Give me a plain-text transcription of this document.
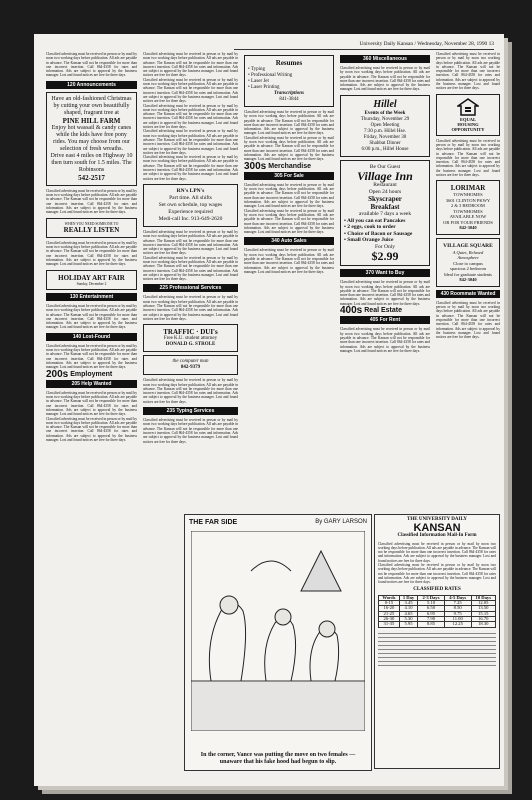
University Daily Kansan / Wednesday, November 28, 1990 13
Classified advertising must be received in person or by mail by noon two working days before publication. All ads are payable in advance. The Kansan will not be responsible for more than one incorrect insertion. Call 864-4358 for rates and information. Ads are subject to approval by the business manager. Lost and found notices are free for three days.
120 Announcements
Have an old-fashioned Christmas by cutting your own beautifully shaped, fragrant tree at
PINE HILL FARM
Enjoy hot wassail & candy canes while the kids have free pony rides. You may choose from our selection of fresh wreaths.
Drive east 4 miles on Highway 10 then turn south for 1.5 miles. The Robinsons
542-2517
Classified advertising must be received in person or by mail by noon two working days before publication. All ads are payable in advance. The Kansan will not be responsible for more than one incorrect insertion. Call 864-4358 for rates and information. Ads are subject to approval by the business manager. Lost and found notices are free for three days.
WHEN YOU NEED SOMEONE TO
REALLY LISTEN
Classified advertising must be received in person or by mail by noon two working days before publication. All ads are payable in advance. The Kansan will not be responsible for more than one incorrect insertion. Call 864-4358 for rates and information. Ads are subject to approval by the business manager. Lost and found notices are free for three days.
HOLIDAY ART FAIR
Sunday, December 2
130 Entertainment
Classified advertising must be received in person or by mail by noon two working days before publication. All ads are payable in advance. The Kansan will not be responsible for more than one incorrect insertion. Call 864-4358 for rates and information. Ads are subject to approval by the business manager. Lost and found notices are free for three days.
140 Lost-Found
Classified advertising must be received in person or by mail by noon two working days before publication. All ads are payable in advance. The Kansan will not be responsible for more than one incorrect insertion. Call 864-4358 for rates and information. Ads are subject to approval by the business manager. Lost and found notices are free for three days.
200s Employment
205 Help Wanted
Classified advertising must be received in person or by mail by noon two working days before publication. All ads are payable in advance. The Kansan will not be responsible for more than one incorrect insertion. Call 864-4358 for rates and information. Ads are subject to approval by the business manager. Lost and found notices are free for three days.
Classified advertising must be received in person or by mail by noon two working days before publication. All ads are payable in advance. The Kansan will not be responsible for more than one incorrect insertion. Call 864-4358 for rates and information. Ads are subject to approval by the business manager. Lost and found notices are free for three days.
Classified advertising must be received in person or by mail by noon two working days before publication. All ads are payable in advance. The Kansan will not be responsible for more than one incorrect insertion. Call 864-4358 for rates and information. Ads are subject to approval by the business manager. Lost and found notices are free for three days.
Classified advertising must be received in person or by mail by noon two working days before publication. All ads are payable in advance. The Kansan will not be responsible for more than one incorrect insertion. Call 864-4358 for rates and information. Ads are subject to approval by the business manager. Lost and found notices are free for three days.
Classified advertising must be received in person or by mail by noon two working days before publication. All ads are payable in advance. The Kansan will not be responsible for more than one incorrect insertion. Call 864-4358 for rates and information. Ads are subject to approval by the business manager. Lost and found notices are free for three days.
Classified advertising must be received in person or by mail by noon two working days before publication. All ads are payable in advance. The Kansan will not be responsible for more than one incorrect insertion. Call 864-4358 for rates and information. Ads are subject to approval by the business manager. Lost and found notices are free for three days.
Classified advertising must be received in person or by mail by noon two working days before publication. All ads are payable in advance. The Kansan will not be responsible for more than one incorrect insertion. Call 864-4358 for rates and information. Ads are subject to approval by the business manager. Lost and found notices are free for three days.
RN's LPN's
Part time. All shifts
Set own schedule, top wages
Experience required
Medi-call Inc. 913-649-2620
Classified advertising must be received in person or by mail by noon two working days before publication. All ads are payable in advance. The Kansan will not be responsible for more than one incorrect insertion. Call 864-4358 for rates and information. Ads are subject to approval by the business manager. Lost and found notices are free for three days.
Classified advertising must be received in person or by mail by noon two working days before publication. All ads are payable in advance. The Kansan will not be responsible for more than one incorrect insertion. Call 864-4358 for rates and information. Ads are subject to approval by the business manager. Lost and found notices are free for three days.
225 Professional Services
Classified advertising must be received in person or by mail by noon two working days before publication. All ads are payable in advance. The Kansan will not be responsible for more than one incorrect insertion. Call 864-4358 for rates and information. Ads are subject to approval by the business manager. Lost and found notices are free for three days.
TRAFFIC · DUI's
Free K.U. student attorney
DONALD G. STROLE
the computer man
842-9379
Classified advertising must be received in person or by mail by noon two working days before publication. All ads are payable in advance. The Kansan will not be responsible for more than one incorrect insertion. Call 864-4358 for rates and information. Ads are subject to approval by the business manager. Lost and found notices are free for three days.
235 Typing Services
Classified advertising must be received in person or by mail by noon two working days before publication. All ads are payable in advance. The Kansan will not be responsible for more than one incorrect insertion. Call 864-4358 for rates and information. Ads are subject to approval by the business manager. Lost and found notices are free for three days.
Resumes
• Typing
• Professional Writing
• Laser Jet
• Laser Printing
Transcriptions
841-3844
Classified advertising must be received in person or by mail by noon two working days before publication. All ads are payable in advance. The Kansan will not be responsible for more than one incorrect insertion. Call 864-4358 for rates and information. Ads are subject to approval by the business manager. Lost and found notices are free for three days.
Classified advertising must be received in person or by mail by noon two working days before publication. All ads are payable in advance. The Kansan will not be responsible for more than one incorrect insertion. Call 864-4358 for rates and information. Ads are subject to approval by the business manager. Lost and found notices are free for three days.
300s Merchandise
305 For Sale
Classified advertising must be received in person or by mail by noon two working days before publication. All ads are payable in advance. The Kansan will not be responsible for more than one incorrect insertion. Call 864-4358 for rates and information. Ads are subject to approval by the business manager. Lost and found notices are free for three days.
Classified advertising must be received in person or by mail by noon two working days before publication. All ads are payable in advance. The Kansan will not be responsible for more than one incorrect insertion. Call 864-4358 for rates and information. Ads are subject to approval by the business manager. Lost and found notices are free for three days.
340 Auto Sales
Classified advertising must be received in person or by mail by noon two working days before publication. All ads are payable in advance. The Kansan will not be responsible for more than one incorrect insertion. Call 864-4358 for rates and information. Ads are subject to approval by the business manager. Lost and found notices are free for three days.
360 Miscellaneous
Classified advertising must be received in person or by mail by noon two working days before publication. All ads are payable in advance. The Kansan will not be responsible for more than one incorrect insertion. Call 864-4358 for rates and information. Ads are subject to approval by the business manager. Lost and found notices are free for three days.
Hillel
Events of the Week
Thursday, November 29
Open Meeting
7:30 p.m. Hillel Hse.
Friday, November 30
Shabbat Dinner
6:00 p.m., Hillel House
Be Our Guest
Village Inn
Restaurant
Open 24 hours
Skyscraper
Breakfast
available 7 days a week
• All you can eat Pancakes
• 2 eggs, cook to order
• Choice of Bacon or Sausage
• Small Orange Juice
For Only
$2.99
370 Want to Buy
Classified advertising must be received in person or by mail by noon two working days before publication. All ads are payable in advance. The Kansan will not be responsible for more than one incorrect insertion. Call 864-4358 for rates and information. Ads are subject to approval by the business manager. Lost and found notices are free for three days.
400s Real Estate
405 For Rent
Classified advertising must be received in person or by mail by noon two working days before publication. All ads are payable in advance. The Kansan will not be responsible for more than one incorrect insertion. Call 864-4358 for rates and information. Ads are subject to approval by the business manager. Lost and found notices are free for three days.
Classified advertising must be received in person or by mail by noon two working days before publication. All ads are payable in advance. The Kansan will not be responsible for more than one incorrect insertion. Call 864-4358 for rates and information. Ads are subject to approval by the business manager. Lost and found notices are free for three days.
EQUAL
HOUSING
OPPORTUNITY
Classified advertising must be received in person or by mail by noon two working days before publication. All ads are payable in advance. The Kansan will not be responsible for more than one incorrect insertion. Call 864-4358 for rates and information. Ads are subject to approval by the business manager. Lost and found notices are free for three days.
LORIMAR
TOWNHOMES
3601 CLINTON PKWY
2 & 3 BEDROOM
TOWNHOMES
AVAILABLE NOW
OR FOR YOUR FRIENDS
842-3040
VILLAGE SQUARE
A Quiet, Relaxed
Atmosphere
Close to campus
spacious 2 bedroom
Ideal for graduate students
842-3040
430 Roommate Wanted
Classified advertising must be received in person or by mail by noon two working days before publication. All ads are payable in advance. The Kansan will not be responsible for more than one incorrect insertion. Call 864-4358 for rates and information. Ads are subject to approval by the business manager. Lost and found notices are free for three days.
THE FAR SIDE	By GARY LARSON
In the corner, Vance was putting the move on two females — unaware that his fake hood had begun to slip.
THE UNIVERSITY DAILY
KANSAN
Classified Information Mail-In Form
Classified advertising must be received in person or by mail by noon two working days before publication. All ads are payable in advance. The Kansan will not be responsible for more than one incorrect insertion. Call 864-4358 for rates and information. Ads are subject to approval by the business manager. Lost and found notices are free for three days.
Classified advertising must be received in person or by mail by noon two working days before publication. All ads are payable in advance. The Kansan will not be responsible for more than one incorrect insertion. Call 864-4358 for rates and information. Ads are subject to approval by the business manager. Lost and found notices are free for three days.
CLASSIFIED RATES
Words	1 Day	2-3 Days	4-5 Days	10 Days
0-15	3.45	5.10	7.25	12.05
16-20	4.10	6.50	8.50	13.50
21-25	4.65	6.95	9.75	15.15
26-30	5.30	7.90	11.00	16.70
31-35	5.95	8.85	12.25	18.30
